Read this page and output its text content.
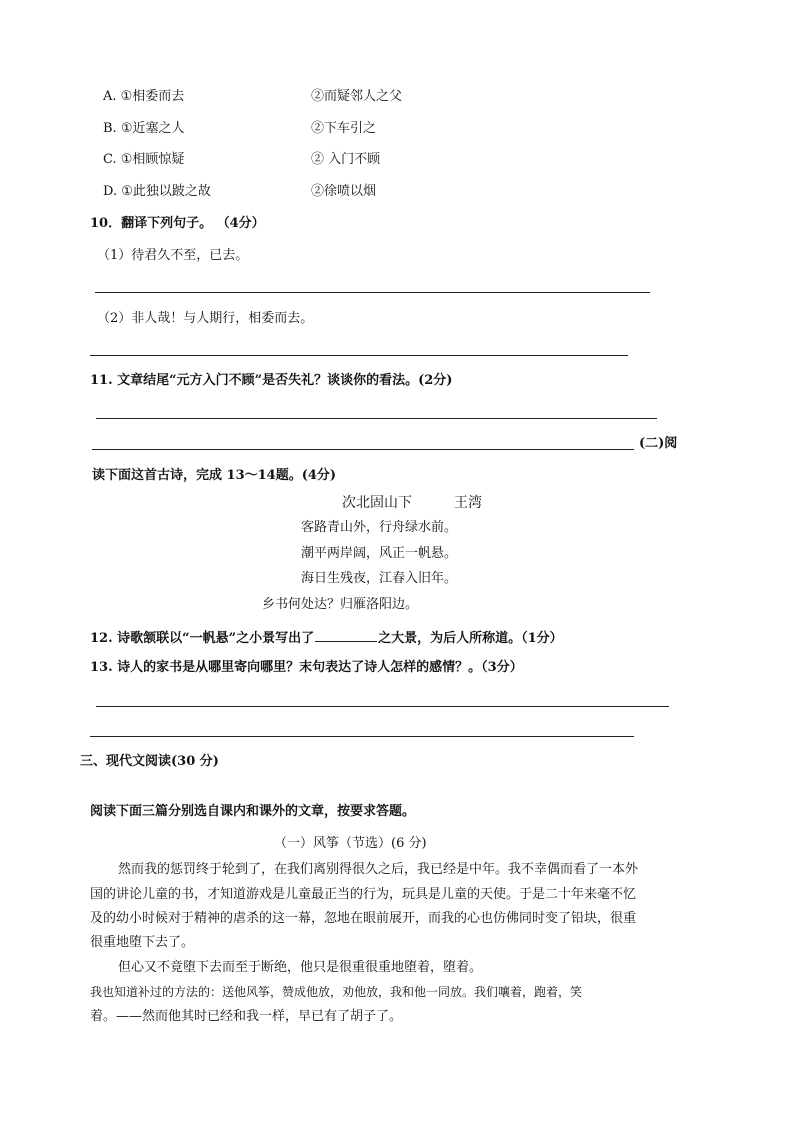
A. ①相委而去	②而疑邻人之父
B. ①近塞之人	②下车引之
C. ①相顾惊疑	② 入门不顾
D. ①此独以跛之故	②徐喷以烟
10．翻译下列句子。 （4分）
（1）待君久不至，已去。
（2）非人哉！与人期行，相委而去。
11. 文章结尾“元方入门不顾”是否失礼？谈谈你的看法。(2分)
(二)阅
读下面这首古诗，完成 13～14题。(4分)
次北固山下	王湾
客路青山外，行舟绿水前。
潮平两岸阔，风正一帆悬。
海日生残夜，江春入旧年。
乡书何处达？归雁洛阳边。
12. 诗歌颔联以“一帆悬”之小景写出了	之大景，为后人所称道。（1分）
13. 诗人的家书是从哪里寄向哪里？末句表达了诗人怎样的感情？。（3分）
三、现代文阅读(30 分)
阅读下面三篇分别选自课内和课外的文章，按要求答题。
（一）风筝（节选）(6 分)
然而我的惩罚终于轮到了，在我们离别得很久之后，我已经是中年。我不幸偶而看了一本外
国的讲论儿童的书，才知道游戏是儿童最正当的行为，玩具是儿童的天使。于是二十年来毫不忆
及的幼小时候对于精神的虐杀的这一幕，忽地在眼前展开，而我的心也仿佛同时变了铅块，很重
很重地堕下去了。
但心又不竟堕下去而至于断绝，他只是很重很重地堕着，堕着。
我也知道补过的方法的：送他风筝，赞成他放，劝他放，我和他一同放。我们嚷着，跑着，笑
着。——然而他其时已经和我一样，早已有了胡子了。
